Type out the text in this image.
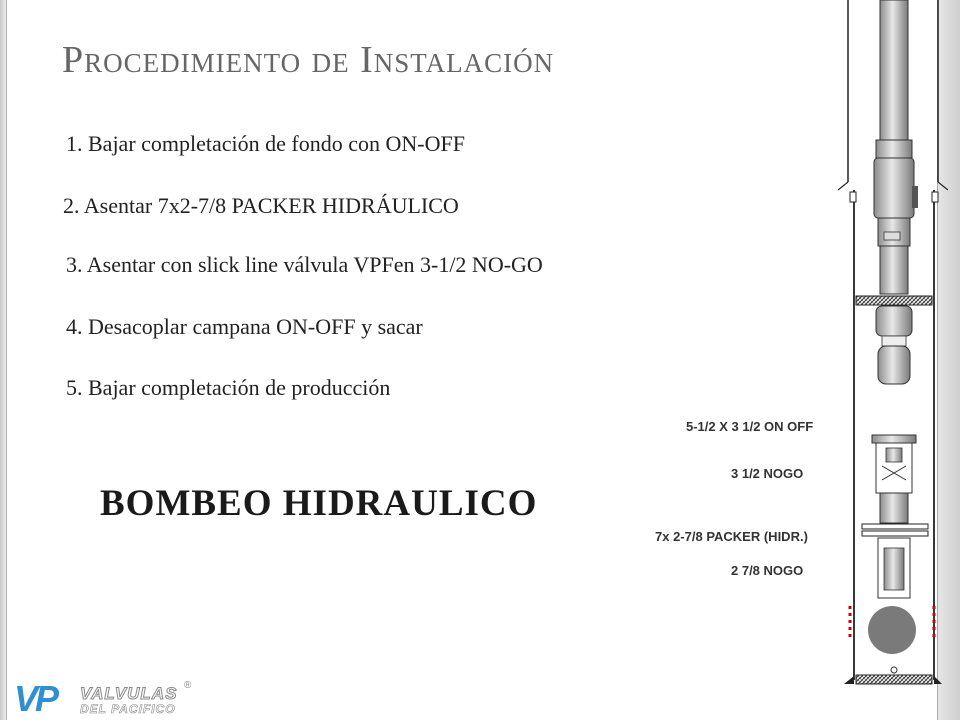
Procedimiento de Instalación
1. Bajar completación de fondo con ON-OFF
2. Asentar 7x2-7/8 PACKER HIDRÁULICO
3. Asentar con slick line válvula VPFen 3-1/2 NO-GO
4. Desacoplar campana ON-OFF y sacar
5. Bajar completación de producción
BOMBEO HIDRAULICO
5-1/2 X 3 1/2 ON OFF
3 1/2 NOGO
7x 2-7/8 PACKER (HIDR.)
2 7/8 NOGO
VP VALVULAS
DEL PACIFICO
®
